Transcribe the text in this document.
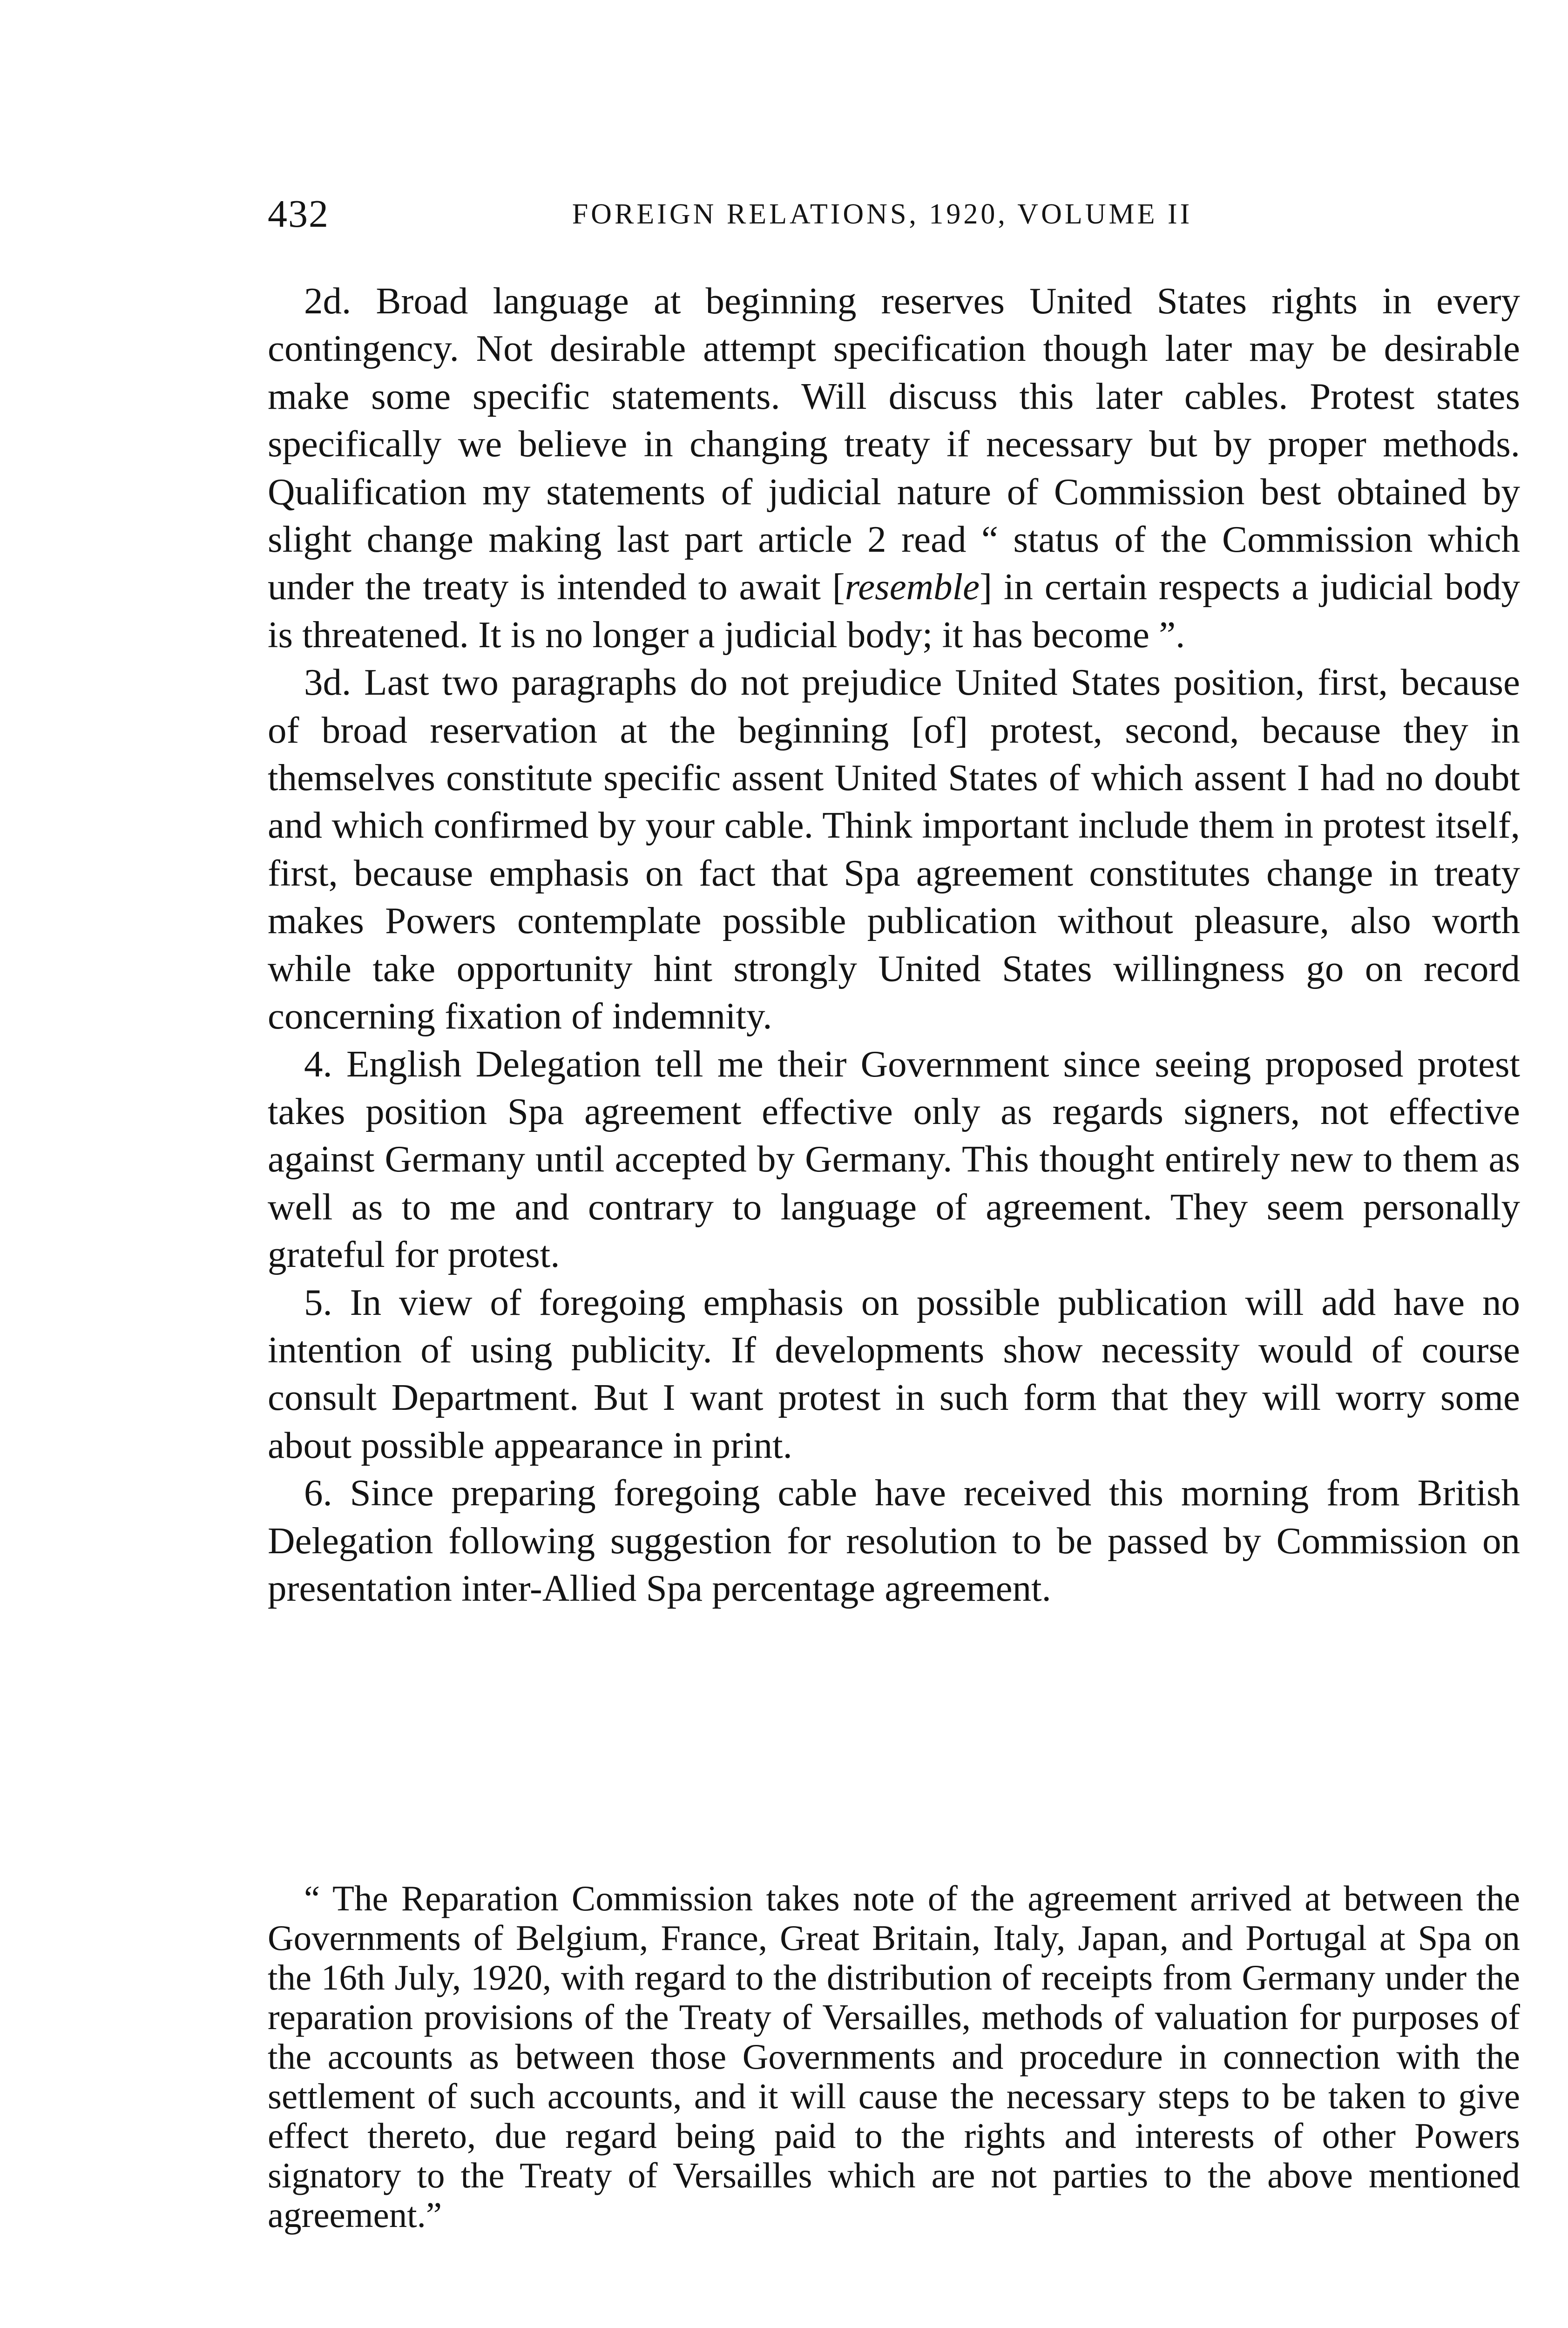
432	FOREIGN RELATIONS, 1920, VOLUME II

2d. Broad language at beginning reserves United States rights in every contingency. Not desirable attempt specification though later may be desirable make some specific statements. Will discuss this later cables. Protest states specifically we believe in changing treaty if necessary but by proper methods. Qualification my statements of judicial nature of Commission best obtained by slight change making last part article 2 read “ status of the Commission which under the treaty is intended to await [resemble] in certain respects a judicial body is threatened. It is no longer a judicial body; it has become ”.

3d. Last two paragraphs do not prejudice United States position, first, because of broad reservation at the beginning [of] protest, second, because they in themselves constitute specific assent United States of which assent I had no doubt and which confirmed by your cable. Think important include them in protest itself, first, because emphasis on fact that Spa agreement constitutes change in treaty makes Powers contemplate possible publication without pleasure, also worth while take opportunity hint strongly United States willingness go on record concerning fixation of indemnity.

4. English Delegation tell me their Government since seeing proposed protest takes position Spa agreement effective only as regards signers, not effective against Germany until accepted by Germany. This thought entirely new to them as well as to me and contrary to language of agreement. They seem personally grateful for protest.

5. In view of foregoing emphasis on possible publication will add have no intention of using publicity. If developments show necessity would of course consult Department. But I want protest in such form that they will worry some about possible appearance in print.

6. Since preparing foregoing cable have received this morning from British Delegation following suggestion for resolution to be passed by Commission on presentation inter-Allied Spa percentage agreement.

“ The Reparation Commission takes note of the agreement arrived at between the Governments of Belgium, France, Great Britain, Italy, Japan, and Portugal at Spa on the 16th July, 1920, with regard to the distribution of receipts from Germany under the reparation provisions of the Treaty of Versailles, methods of valuation for purposes of the accounts as between those Governments and procedure in connection with the settlement of such accounts, and it will cause the necessary steps to be taken to give effect thereto, due regard being paid to the rights and interests of other Powers signatory to the Treaty of Versailles which are not parties to the above mentioned agreement.”
